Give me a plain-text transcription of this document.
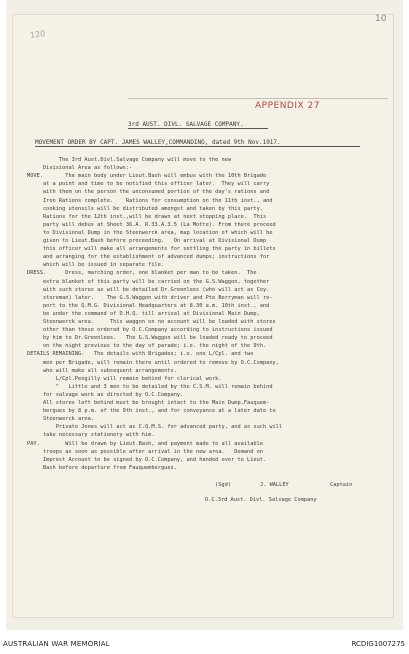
120
10
APPENDIX 27
3rd AUST. DIVL. SALVAGE COMPANY.
MOVEMENT ORDER BY CAPT. JAMES WALLEY,COMMANDING, dated 9th Nov.1917.
The 3rd Aust.Divl.Salvage Company will move to the new
Divisional Area as follows:-
MOVE.       The main body under Lieut.Bash will embus with the 10th Brigade
at a point and time to be notified this officer later.  They will carry
with them on the person the unconsumed portion of the day's rations and
Iron Rations complete.    Rations for consumption on the 11th inst., and
cooking utensils will be distributed amongst and taken by this party.
Rations for the 12th inst.,will be drawn at next stopping place.  This
party will debus at Sheet 36.A. R.33.A.3.5 (La Motte). From there proceed
to Divisional Dump in the Steenwerck area, map location of which will be
given to Lieut.Bash before proceeding.   On arrival at Divisional Dump
this officer will make all arrangements for settling the party in billets
and arranging for the establishment of advanced dumps; instructions for
which will be issued in separate file.
DRESS.      Dress, marching order, one blanket per man to be taken.  The
extra blanket of this party will be carried on the G.S.Waggon, together
with such stores as will be detailed Dr.Greenlees (who will act as Coy.
storeman) later.    The G.S.Waggon with driver and Pte Berryman will re-
port to the Q.M.G. Divisional Headquarters at 8.30 a.m. 10th inst., and
be under the command of D.H.Q. till arrival at Divisional Main Dump,
Steenwerck area.     This waggon on no account will be loaded with stores
other than those ordered by O.C.Company according to instructions issued
by him to Dr.Greenlees.   The G.S.Waggon will be loaded ready to proceed
on the night previous to the day of parade; i.e. the night of the 9th.
DETAILS REMAINING.   The details with Brigades; i.e. one L/Cpl. and two
men per Brigade, will remain there until ordered to remove by O.C.Company,
who will make all subsequent arrangements.
L/Cpl.Pengilly will remain behind for clerical work.
"   Little and 3 men to be detailed by the C.S.M. will remain behind
for salvage work as directed by O.C.Company.
All stores left behind must be brought intact to the Main Dump,Fauquem-
bergues by 8 p.m. of the 9th inst., and for conveyance at a later date to
Steenwerck area.
Private Jones will act as C.Q.M.S. for advanced party, and as such will
take necessary stationery with him.
PAY.        Will be drawn by Lieut.Bash, and payment made to all available
troops as soon as possible after arrival in the new area.   Demand on
Imprest Account to be signed by O.C.Company, and handed over to Lieut.
Bash before departure from Fauquembergues.
(Sgd)	J. WALLEY	Captain
O.C.3rd Aust. Divl. Salvage Company
AUSTRALIAN WAR MEMORIAL	RCDIG1007275
